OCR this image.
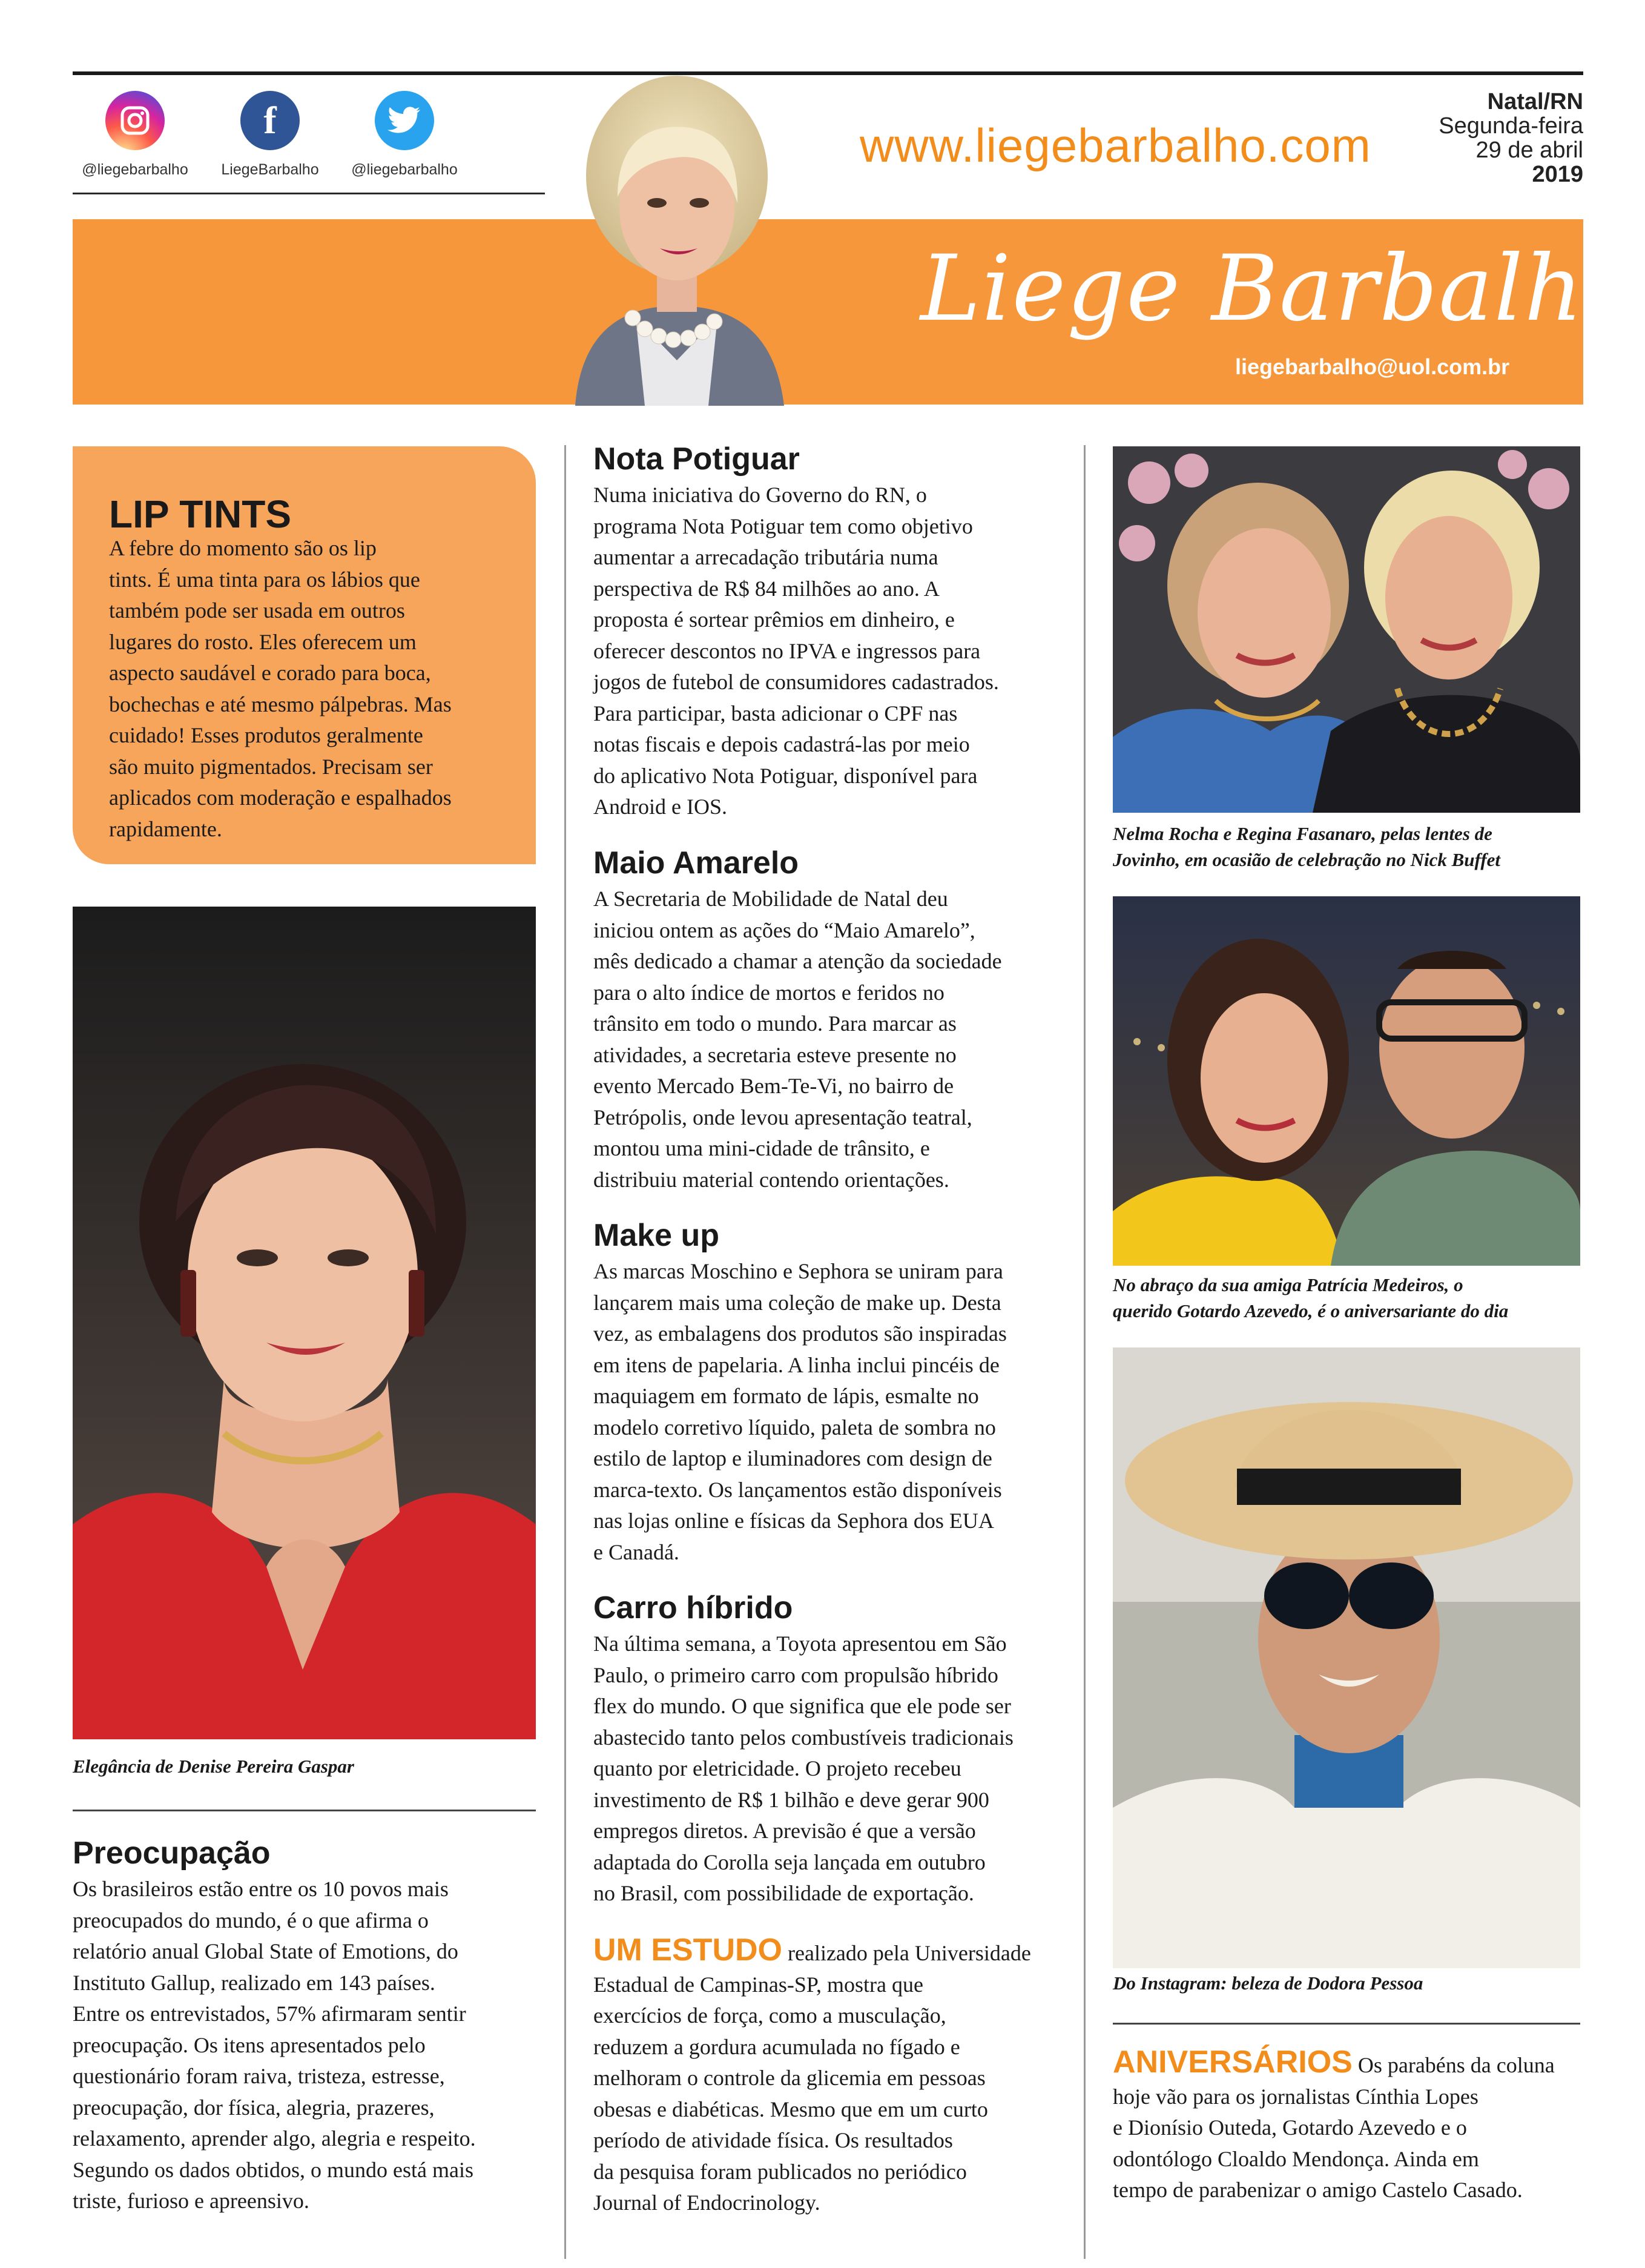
@liegebarbalho
f
LiegeBarbalho	@liegebarbalho	www.liegebarbalho.com
Natal/RN
Segunda-feira
29 de abril
2019
Liege Barbalho
liegebarbalho@uol.com.br
LIP TINTS
A febre do momento são os lip
tints. É uma tinta para os lábios que
também pode ser usada em outros
lugares do rosto. Eles oferecem um
aspecto saudável e corado para boca,
bochechas e até mesmo pálpebras. Mas
cuidado! Esses produtos geralmente
são muito pigmentados. Precisam ser
aplicados com moderação e espalhados
rapidamente.
Elegância de Denise Pereira Gaspar
Preocupação
Os brasileiros estão entre os 10 povos mais
preocupados do mundo, é o que afirma o
relatório anual Global State of Emotions, do
Instituto Gallup, realizado em 143 países.
Entre os entrevistados, 57% afirmaram sentir
preocupação. Os itens apresentados pelo
questionário foram raiva, tristeza, estresse,
preocupação, dor física, alegria, prazeres,
relaxamento, aprender algo, alegria e respeito.
Segundo os dados obtidos, o mundo está mais
triste, furioso e apreensivo.
Nota Potiguar
Numa iniciativa do Governo do RN, o
programa Nota Potiguar tem como objetivo
aumentar a arrecadação tributária numa
perspectiva de R$ 84 milhões ao ano. A
proposta é sortear prêmios em dinheiro, e
oferecer descontos no IPVA e ingressos para
jogos de futebol de consumidores cadastrados.
Para participar, basta adicionar o CPF nas
notas fiscais e depois cadastrá-las por meio
do aplicativo Nota Potiguar, disponível para
Android e IOS.
Maio Amarelo
A Secretaria de Mobilidade de Natal deu
iniciou ontem as ações do “Maio Amarelo”,
mês dedicado a chamar a atenção da sociedade
para o alto índice de mortos e feridos no
trânsito em todo o mundo. Para marcar as
atividades, a secretaria esteve presente no
evento Mercado Bem-Te-Vi, no bairro de
Petrópolis, onde levou apresentação teatral,
montou uma mini-cidade de trânsito, e
distribuiu material contendo orientações.
Make up
As marcas Moschino e Sephora se uniram para
lançarem mais uma coleção de make up. Desta
vez, as embalagens dos produtos são inspiradas
em itens de papelaria. A linha inclui pincéis de
maquiagem em formato de lápis, esmalte no
modelo corretivo líquido, paleta de sombra no
estilo de laptop e iluminadores com design de
marca-texto. Os lançamentos estão disponíveis
nas lojas online e físicas da Sephora dos EUA
e Canadá.
Carro híbrido
Na última semana, a Toyota apresentou em São
Paulo, o primeiro carro com propulsão híbrido
flex do mundo. O que significa que ele pode ser
abastecido tanto pelos combustíveis tradicionais
quanto por eletricidade. O projeto recebeu
investimento de R$ 1 bilhão e deve gerar 900
empregos diretos. A previsão é que a versão
adaptada do Corolla seja lançada em outubro
no Brasil, com possibilidade de exportação.
UM ESTUDO realizado pela Universidade
Estadual de Campinas-SP, mostra que
exercícios de força, como a musculação,
reduzem a gordura acumulada no fígado e
melhoram o controle da glicemia em pessoas
obesas e diabéticas. Mesmo que em um curto
período de atividade física. Os resultados
da pesquisa foram publicados no periódico
Journal of Endocrinology.
Nelma Rocha e Regina Fasanaro, pelas lentes de
Jovinho, em ocasião de celebração no Nick Buffet
No abraço da sua amiga Patrícia Medeiros, o
querido Gotardo Azevedo, é o aniversariante do dia
Do Instagram: beleza de Dodora Pessoa
ANIVERSÁRIOS Os parabéns da coluna
hoje vão para os jornalistas Cínthia Lopes
e Dionísio Outeda, Gotardo Azevedo e o
odontólogo Cloaldo Mendonça. Ainda em
tempo de parabenizar o amigo Castelo Casado.
